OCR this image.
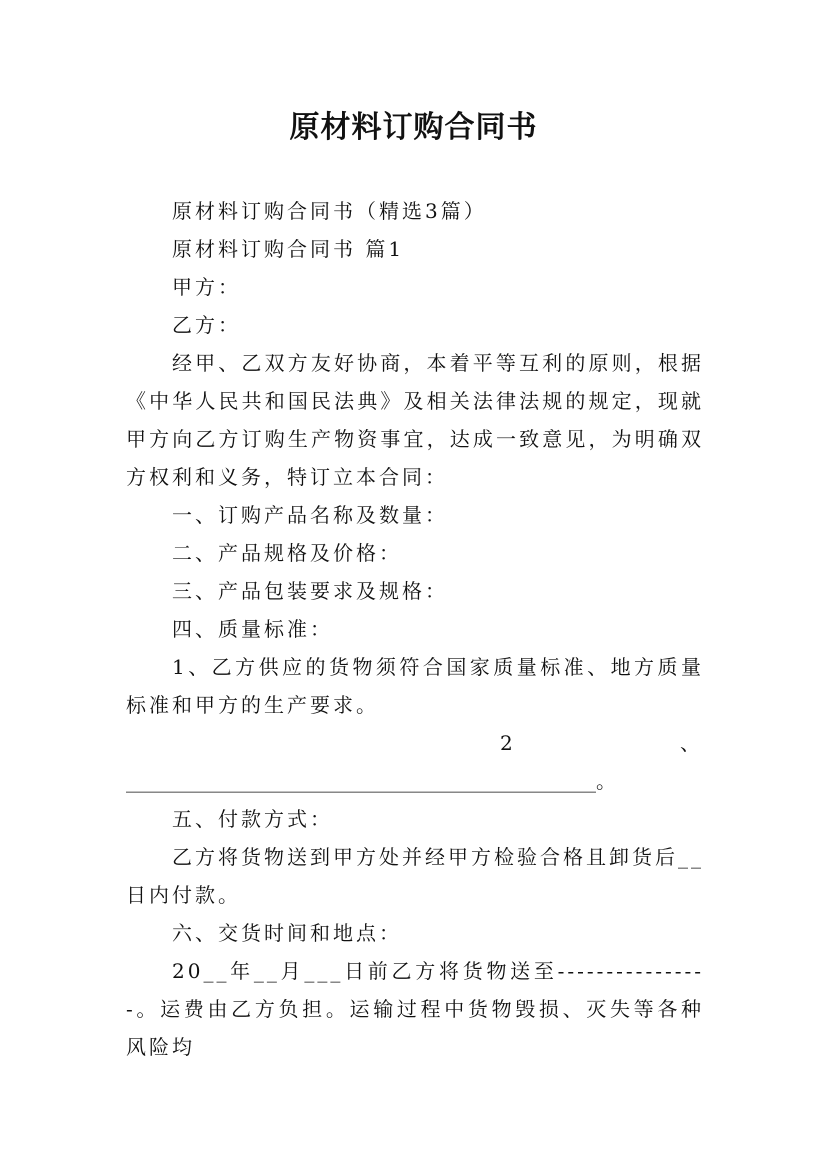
原材料订购合同书

原材料订购合同书（精选3篇）

原材料订购合同书 篇1

甲方：

乙方：

经甲、乙双方友好协商，本着平等互利的原则，根据《中华人民共和国民法典》及相关法律法规的规定，现就甲方向乙方订购生产物资事宜，达成一致意见，为明确双方权利和义务，特订立本合同：

一、订购产品名称及数量：

二、产品规格及价格：

三、产品包装要求及规格：

四、质量标准：

1、乙方供应的货物须符合国家质量标准、地方质量标准和甲方的生产要求。

2	、

_______________________________________________。

五、付款方式：

乙方将货物送到甲方处并经甲方检验合格且卸货后__日内付款。

六、交货时间和地点：

20__年__月___日前乙方将货物送至----------------。运费由乙方负担。运输过程中货物毁损、灭失等各种风险均
